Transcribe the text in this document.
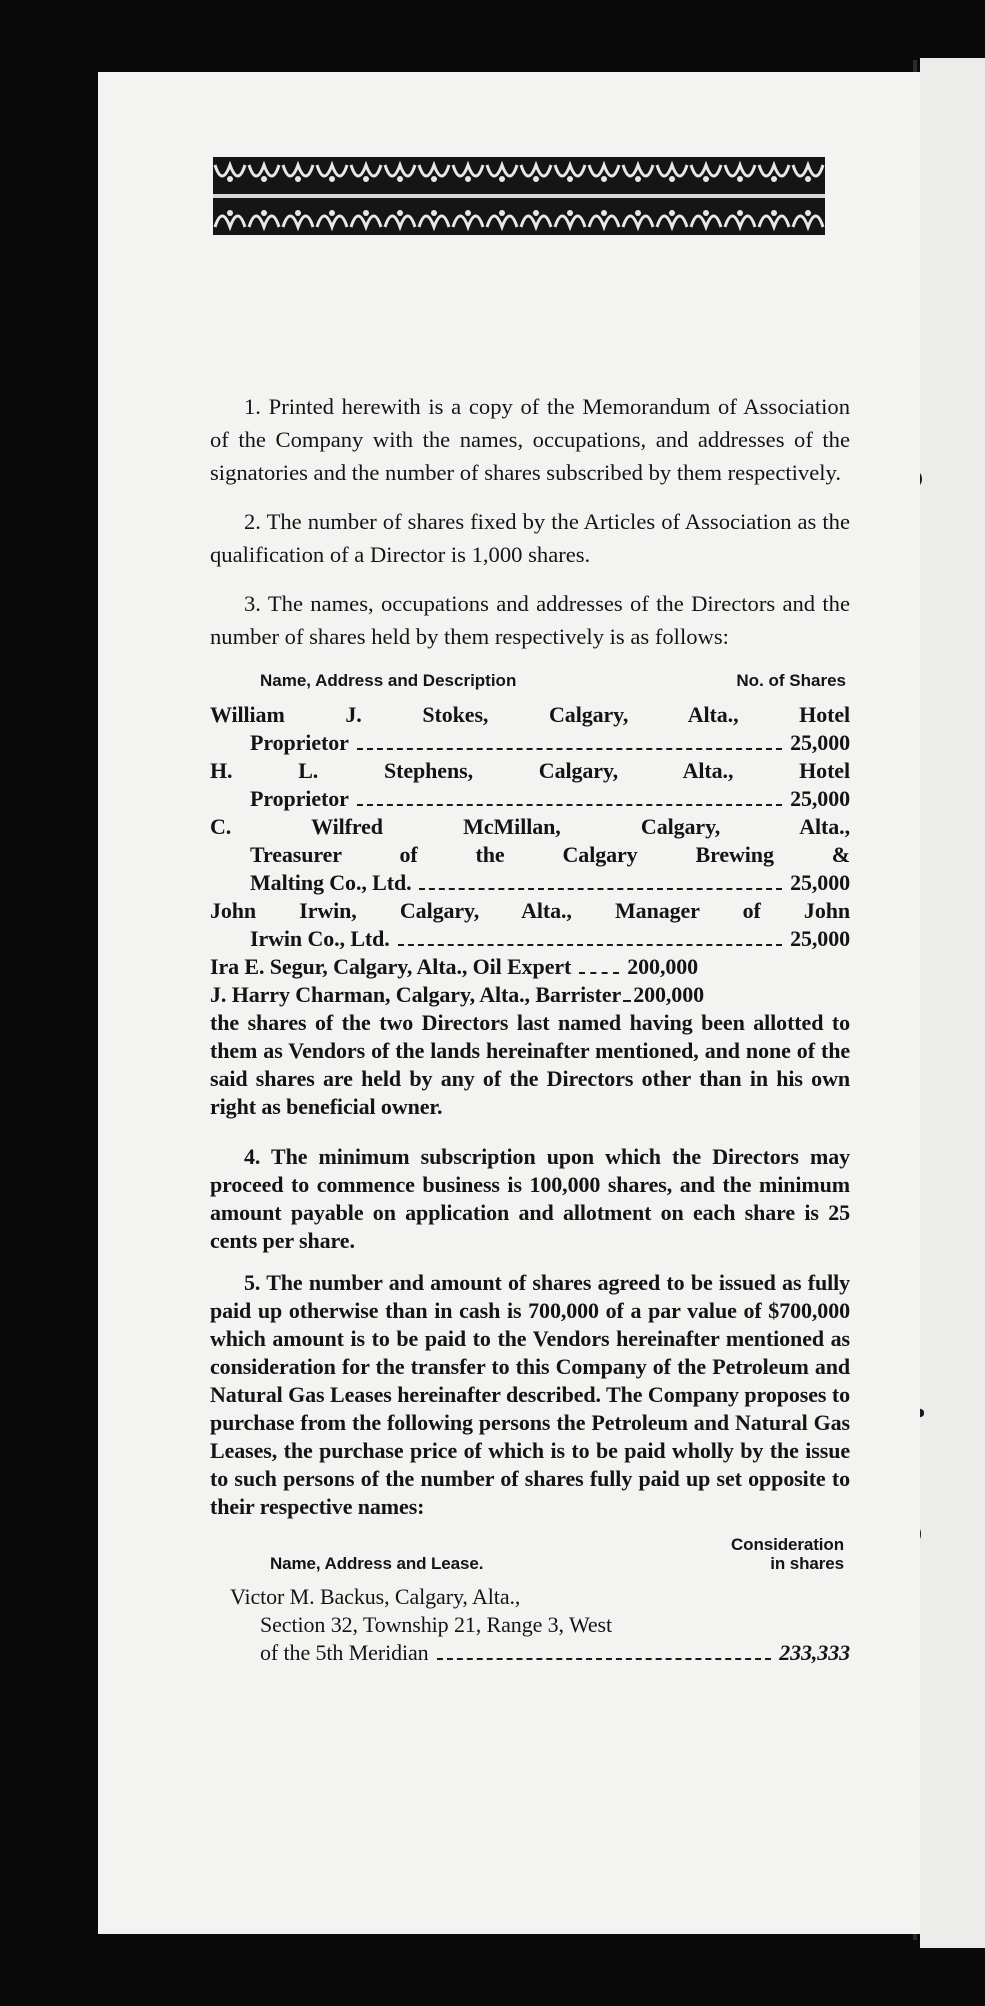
1. Printed herewith is a copy of the Memorandum of Association of the Company with the names, occupations, and addresses of the signatories and the number of shares subscribed by them respectively.

2. The number of shares fixed by the Articles of Association as the qualification of a Director is 1,000 shares.

3. The names, occupations and addresses of the Directors and the number of shares held by them respectively is as follows:

Name, Address and Description	No. of Shares
William J. Stokes, Calgary, Alta., Hotel
Proprietor	25,000
H. L. Stephens, Calgary, Alta., Hotel
Proprietor	25,000
C. Wilfred McMillan, Calgary, Alta.,
Treasurer of the Calgary Brewing &
Malting Co., Ltd.	25,000
John Irwin, Calgary, Alta., Manager of John
Irwin Co., Ltd.	25,000
Ira E. Segur, Calgary, Alta., Oil Expert	200,000
J. Harry Charman, Calgary, Alta., Barrister 200,000

the shares of the two Directors last named having been allotted to them as Vendors of the lands hereinafter mentioned, and none of the said shares are held by any of the Directors other than in his own right as beneficial owner.

4. The minimum subscription upon which the Directors may proceed to commence business is 100,000 shares, and the minimum amount payable on application and allotment on each share is 25 cents per share.

5. The number and amount of shares agreed to be issued as fully paid up otherwise than in cash is 700,000 of a par value of $700,000 which amount is to be paid to the Vendors hereinafter mentioned as consideration for the transfer to this Company of the Petroleum and Natural Gas Leases hereinafter described. The Company proposes to purchase from the following persons the Petroleum and Natural Gas Leases, the purchase price of which is to be paid wholly by the issue to such persons of the number of shares fully paid up set opposite to their respective names:

Name, Address and Lease.
Consideration
in shares
Victor M. Backus, Calgary, Alta.,
Section 32, Township 21, Range 3, West
of the 5th Meridian	233,333
